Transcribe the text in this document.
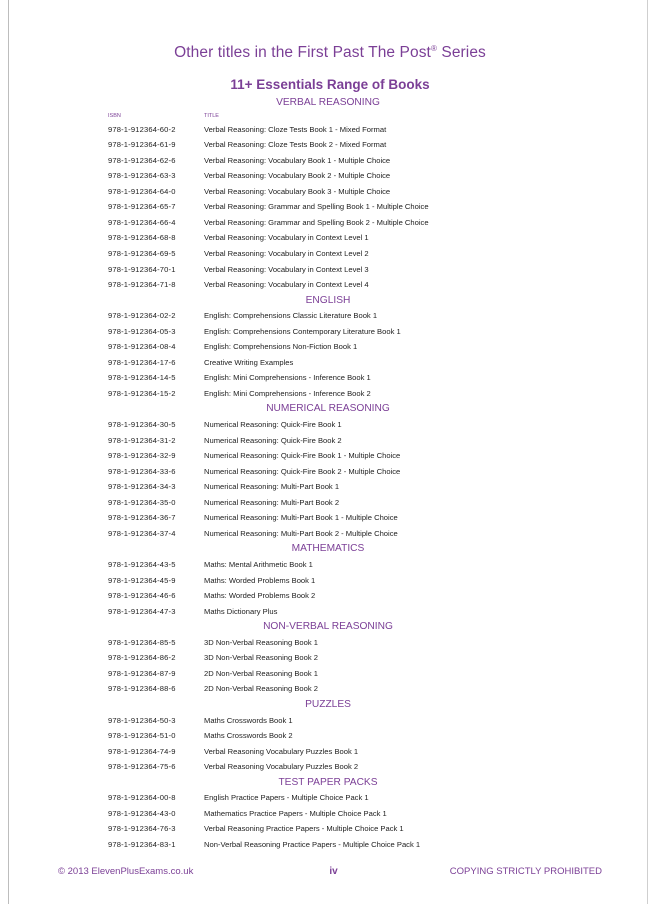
Other titles in the First Past The Post® Series
11+ Essentials Range of Books
VERBAL REASONING
ISBN	TITLE
978-1-912364-60-2	Verbal Reasoning: Cloze Tests Book 1 - Mixed Format
978-1-912364-61-9	Verbal Reasoning: Cloze Tests Book 2 - Mixed Format
978-1-912364-62-6	Verbal Reasoning: Vocabulary Book 1 - Multiple Choice
978-1-912364-63-3	Verbal Reasoning: Vocabulary Book 2 - Multiple Choice
978-1-912364-64-0	Verbal Reasoning: Vocabulary Book 3 - Multiple Choice
978-1-912364-65-7	Verbal Reasoning: Grammar and Spelling Book 1 - Multiple Choice
978-1-912364-66-4	Verbal Reasoning: Grammar and Spelling Book 2 - Multiple Choice
978-1-912364-68-8	Verbal Reasoning: Vocabulary in Context Level 1
978-1-912364-69-5	Verbal Reasoning: Vocabulary in Context Level 2
978-1-912364-70-1	Verbal Reasoning: Vocabulary in Context Level 3
978-1-912364-71-8	Verbal Reasoning: Vocabulary in Context Level 4
ENGLISH
978-1-912364-02-2	English: Comprehensions Classic Literature Book 1
978-1-912364-05-3	English: Comprehensions Contemporary Literature Book 1
978-1-912364-08-4	English: Comprehensions Non-Fiction Book 1
978-1-912364-17-6	Creative Writing Examples
978-1-912364-14-5	English: Mini Comprehensions - Inference Book 1
978-1-912364-15-2	English: Mini Comprehensions - Inference Book 2
NUMERICAL REASONING
978-1-912364-30-5	Numerical Reasoning: Quick-Fire Book 1
978-1-912364-31-2	Numerical Reasoning: Quick-Fire Book 2
978-1-912364-32-9	Numerical Reasoning: Quick-Fire Book 1 - Multiple Choice
978-1-912364-33-6	Numerical Reasoning: Quick-Fire Book 2 - Multiple Choice
978-1-912364-34-3	Numerical Reasoning: Multi-Part Book 1
978-1-912364-35-0	Numerical Reasoning: Multi-Part Book 2
978-1-912364-36-7	Numerical Reasoning: Multi-Part Book 1 - Multiple Choice
978-1-912364-37-4	Numerical Reasoning: Multi-Part Book 2 - Multiple Choice
MATHEMATICS
978-1-912364-43-5	Maths: Mental Arithmetic Book 1
978-1-912364-45-9	Maths: Worded Problems Book 1
978-1-912364-46-6	Maths: Worded Problems Book 2
978-1-912364-47-3	Maths Dictionary Plus
NON-VERBAL REASONING
978-1-912364-85-5	3D Non-Verbal Reasoning Book 1
978-1-912364-86-2	3D Non-Verbal Reasoning Book 2
978-1-912364-87-9	2D Non-Verbal Reasoning Book 1
978-1-912364-88-6	2D Non-Verbal Reasoning Book 2
PUZZLES
978-1-912364-50-3	Maths Crosswords Book 1
978-1-912364-51-0	Maths Crosswords Book 2
978-1-912364-74-9	Verbal Reasoning Vocabulary Puzzles Book 1
978-1-912364-75-6	Verbal Reasoning Vocabulary Puzzles Book 2
TEST PAPER PACKS
978-1-912364-00-8	English Practice Papers - Multiple Choice Pack 1
978-1-912364-43-0	Mathematics Practice Papers - Multiple Choice Pack 1
978-1-912364-76-3	Verbal Reasoning Practice Papers - Multiple Choice Pack 1
978-1-912364-83-1	Non-Verbal Reasoning Practice Papers - Multiple Choice Pack 1
© 2013 ElevenPlusExams.co.uk	iv	COPYING STRICTLY PROHIBITED
